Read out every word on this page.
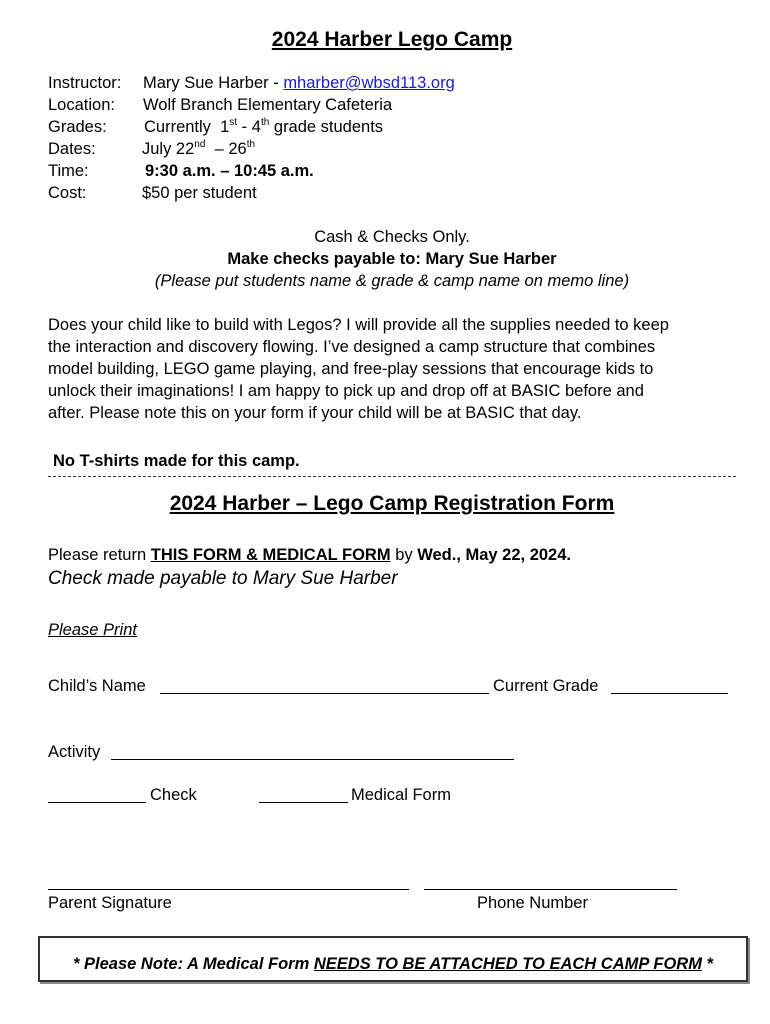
2024 Harber Lego Camp
Instructor:	Mary Sue Harber - mharber@wbsd113.org
Location:	Wolf Branch Elementary Cafeteria
Grades:	Currently 1st - 4th grade students
Dates:	July 22nd – 26th
Time:	9:30 a.m. – 10:45 a.m.
Cost:	$50 per student
Cash & Checks Only.
Make checks payable to: Mary Sue Harber
(Please put students name & grade & camp name on memo line)
Does your child like to build with Legos? I will provide all the supplies needed to keep
the interaction and discovery flowing. I’ve designed a camp structure that combines
model building, LEGO game playing, and free-play sessions that encourage kids to
unlock their imaginations! I am happy to pick up and drop off at BASIC before and
after. Please note this on your form if your child will be at BASIC that day.
No T-shirts made for this camp.
2024 Harber – Lego Camp Registration Form
Please return THIS FORM & MEDICAL FORM by Wed., May 22, 2024.
Check made payable to Mary Sue Harber
Please Print
Child’s Name	Current Grade
Activity
Check	Medical Form
Parent Signature	Phone Number
* Please Note: A Medical Form NEEDS TO BE ATTACHED TO EACH CAMP FORM *
